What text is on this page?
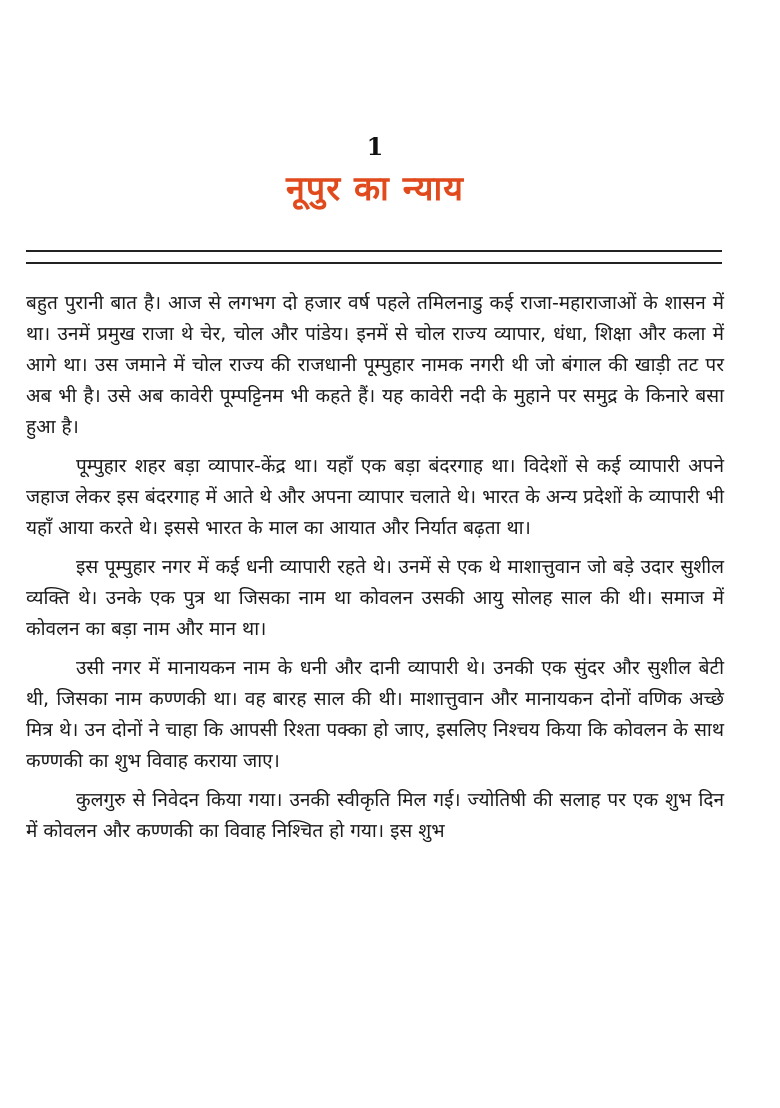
1
नूपुर का न्याय

बहुत पुरानी बात है। आज से लगभग दो हजार वर्ष पहले तमिलनाडु कई राजा-महाराजाओं के शासन में था। उनमें प्रमुख राजा थे चेर, चोल और पांडेय। इनमें से चोल राज्य व्यापार, धंधा, शिक्षा और कला में आगे था। उस जमाने में चोल राज्य की राजधानी पूम्पुहार नामक नगरी थी जो बंगाल की खाड़ी तट पर अब भी है। उसे अब कावेरी पूम्पट्टिनम भी कहते हैं। यह कावेरी नदी के मुहाने पर समुद्र के किनारे बसा हुआ है।

पूम्पुहार शहर बड़ा व्यापार-केंद्र था। यहाँ एक बड़ा बंदरगाह था। विदेशों से कई व्यापारी अपने जहाज लेकर इस बंदरगाह में आते थे और अपना व्यापार चलाते थे। भारत के अन्य प्रदेशों के व्यापारी भी यहाँ आया करते थे। इससे भारत के माल का आयात और निर्यात बढ़ता था।

इस पूम्पुहार नगर में कई धनी व्यापारी रहते थे। उनमें से एक थे माशात्तुवान जो बड़े उदार सुशील व्यक्ति थे। उनके एक पुत्र था जिसका नाम था कोवलन उसकी आयु सोलह साल की थी। समाज में कोवलन का बड़ा नाम और मान था।

उसी नगर में मानायकन नाम के धनी और दानी व्यापारी थे। उनकी एक सुंदर और सुशील बेटी थी, जिसका नाम कण्णकी था। वह बारह साल की थी। माशात्तुवान और मानायकन दोनों वणिक अच्छे मित्र थे। उन दोनों ने चाहा कि आपसी रिश्ता पक्का हो जाए, इसलिए निश्चय किया कि कोवलन के साथ कण्णकी का शुभ विवाह कराया जाए।

कुलगुरु से निवेदन किया गया। उनकी स्वीकृति मिल गई। ज्योतिषी की सलाह पर एक शुभ दिन में कोवलन और कण्णकी का विवाह निश्चित हो गया। इस शुभ
